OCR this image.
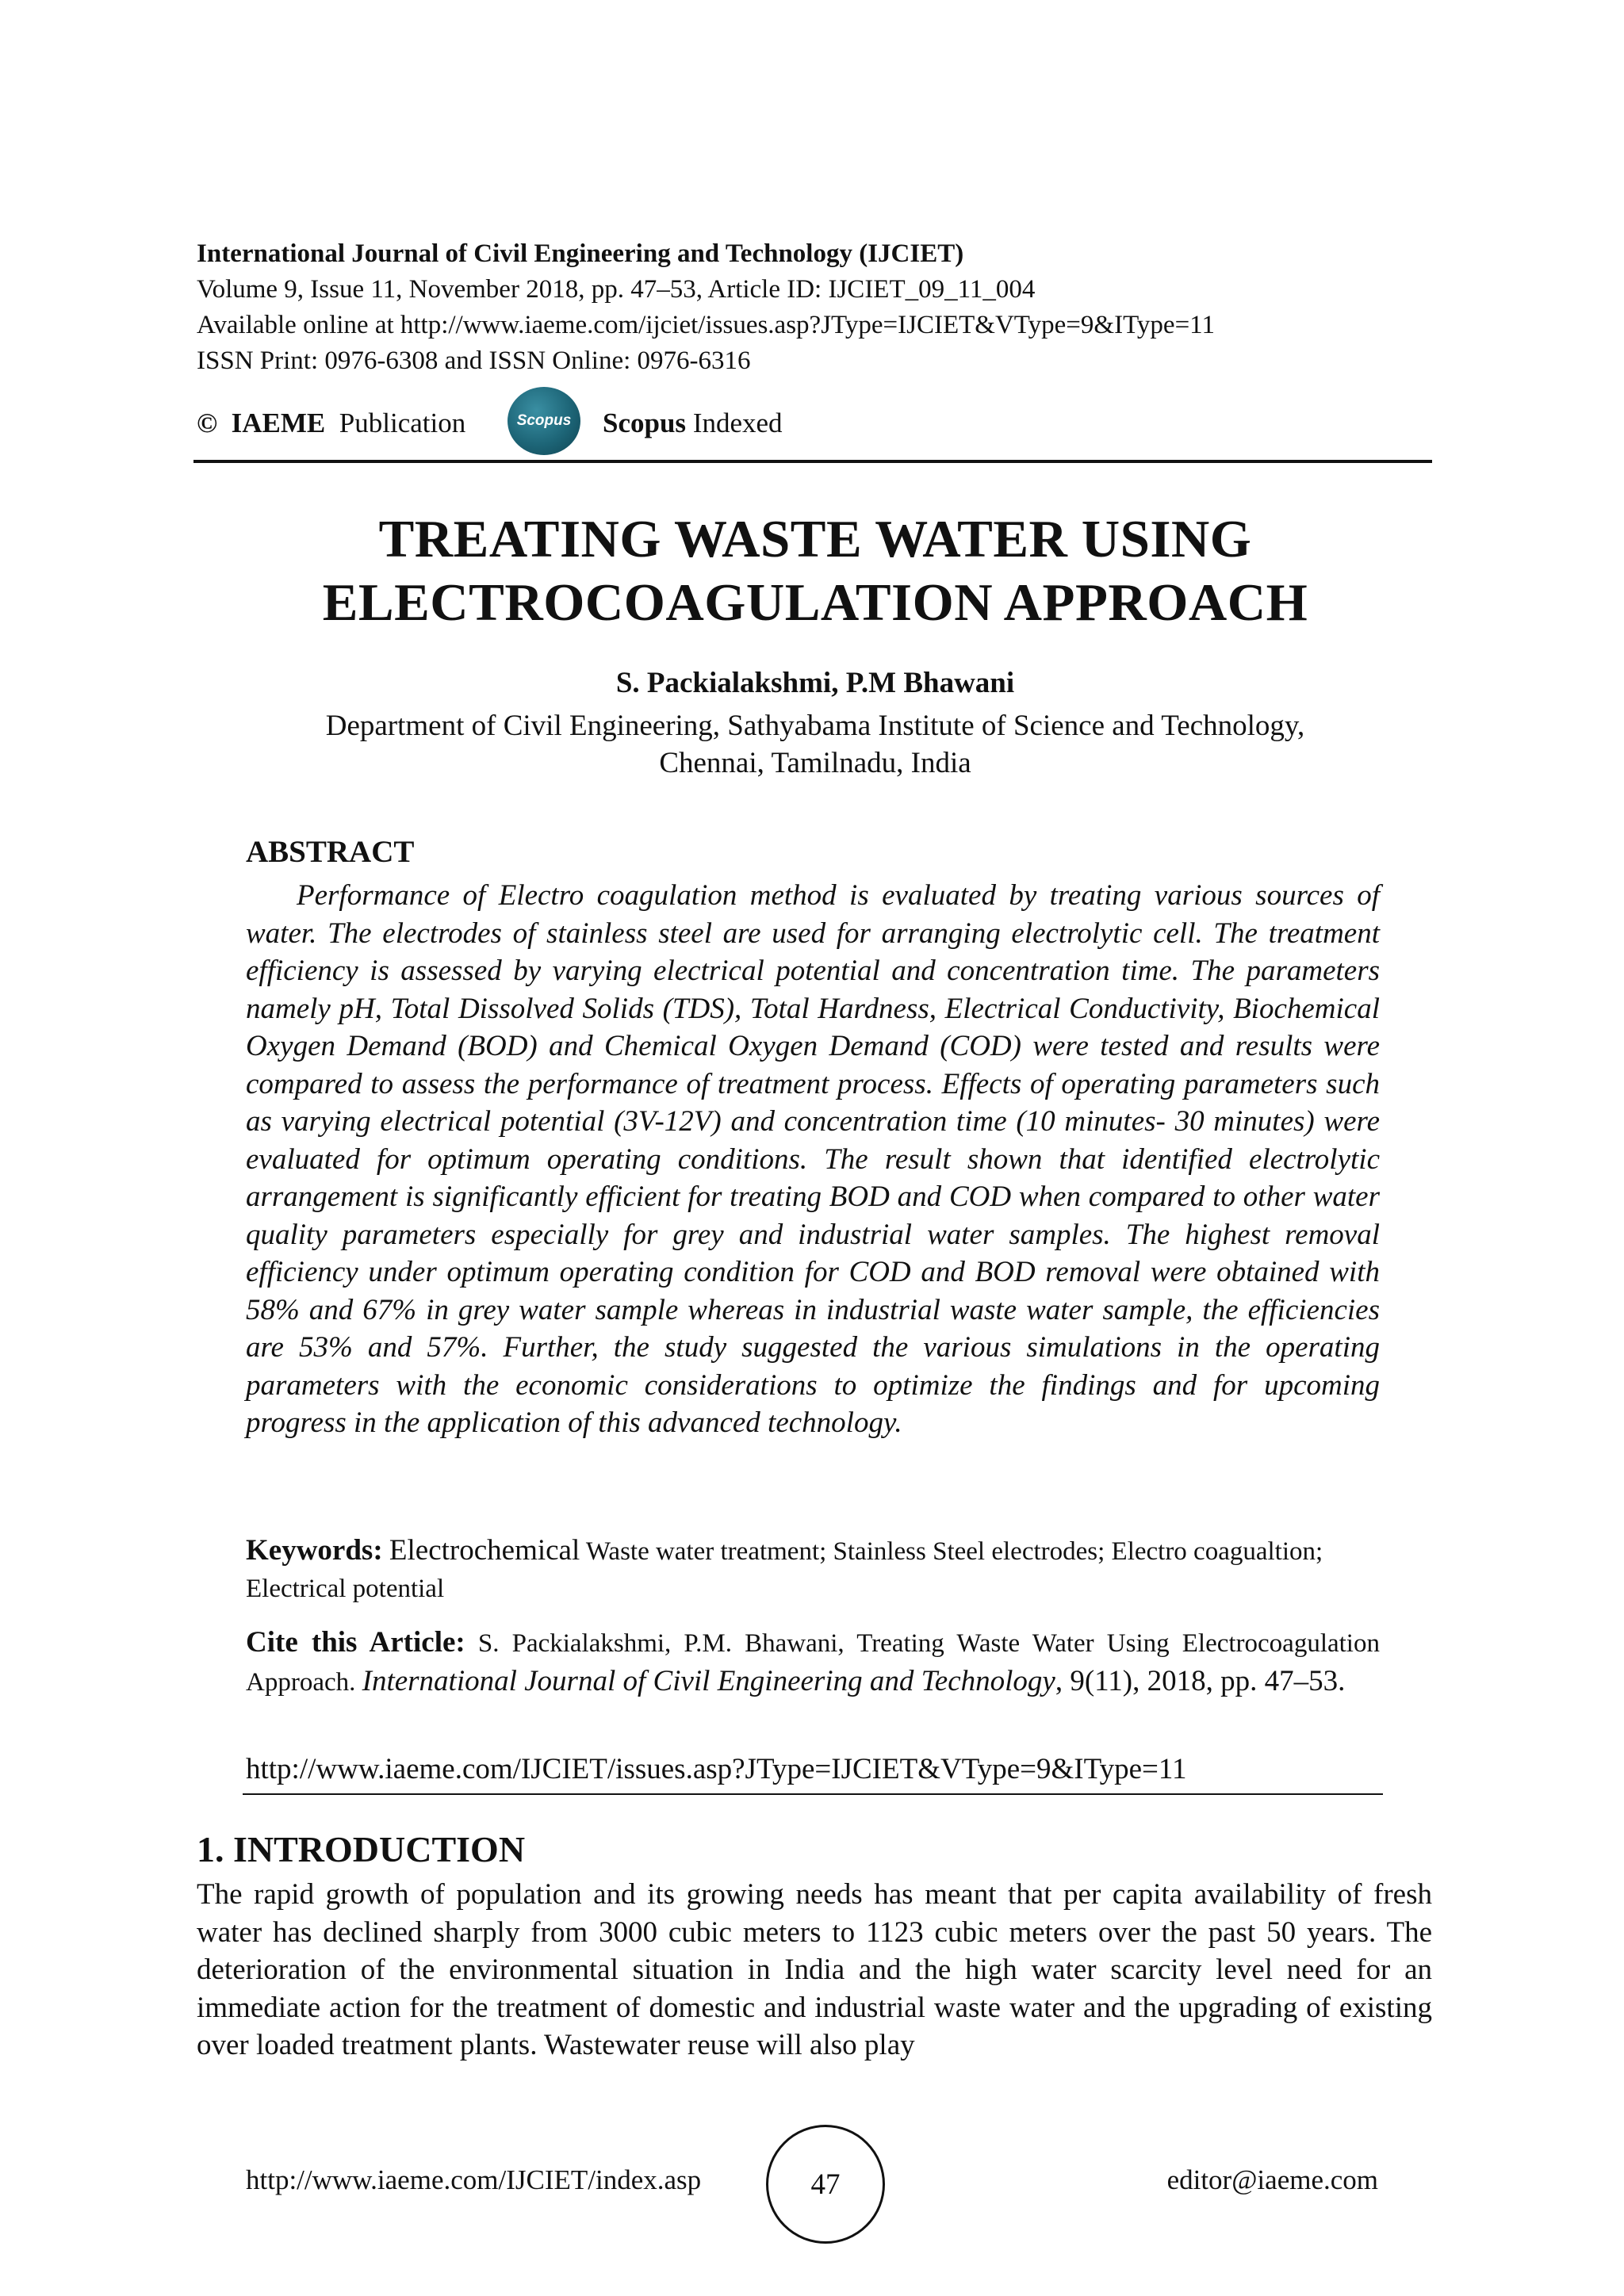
International Journal of Civil Engineering and Technology (IJCIET)
Volume 9, Issue 11, November 2018, pp. 47–53, Article ID: IJCIET_09_11_004
Available online at http://www.iaeme.com/ijciet/issues.asp?JType=IJCIET&VType=9&IType=11
ISSN Print: 0976-6308 and ISSN Online: 0976-6316
© IAEME Publication	Scopus Scopus Indexed
TREATING WASTE WATER USING
ELECTROCOAGULATION APPROACH
S. Packialakshmi, P.M Bhawani
Department of Civil Engineering, Sathyabama Institute of Science and Technology,
Chennai, Tamilnadu, India
ABSTRACT
Performance of Electro coagulation method is evaluated by treating various sources of water. The electrodes of stainless steel are used for arranging electrolytic cell. The treatment efficiency is assessed by varying electrical potential and concentration time. The parameters namely pH, Total Dissolved Solids (TDS), Total Hardness, Electrical Conductivity, Biochemical Oxygen Demand (BOD) and Chemical Oxygen Demand (COD) were tested and results were compared to assess the performance of treatment process. Effects of operating parameters such as varying electrical potential (3V-12V) and concentration time (10 minutes- 30 minutes) were evaluated for optimum operating conditions. The result shown that identified electrolytic arrangement is significantly efficient for treating BOD and COD when compared to other water quality parameters especially for grey and industrial water samples. The highest removal efficiency under optimum operating condition for COD and BOD removal were obtained with 58% and 67% in grey water sample whereas in industrial waste water sample, the efficiencies are 53% and 57%. Further, the study suggested the various simulations in the operating parameters with the economic considerations to optimize the findings and for upcoming progress in the application of this advanced technology.
Keywords: Electrochemical Waste water treatment; Stainless Steel electrodes; Electro coagualtion; Electrical potential
Cite this Article: S. Packialakshmi, P.M. Bhawani, Treating Waste Water Using Electrocoagulation Approach. International Journal of Civil Engineering and Technology, 9(11), 2018, pp. 47–53.
http://www.iaeme.com/IJCIET/issues.asp?JType=IJCIET&VType=9&IType=11
1. INTRODUCTION
The rapid growth of population and its growing needs has meant that per capita availability of fresh water has declined sharply from 3000 cubic meters to 1123 cubic meters over the past 50 years. The deterioration of the environmental situation in India and the high water scarcity level need for an immediate action for the treatment of domestic and industrial waste water and the upgrading of existing over loaded treatment plants. Wastewater reuse will also play
http://www.iaeme.com/IJCIET/index.asp	47	editor@iaeme.com
